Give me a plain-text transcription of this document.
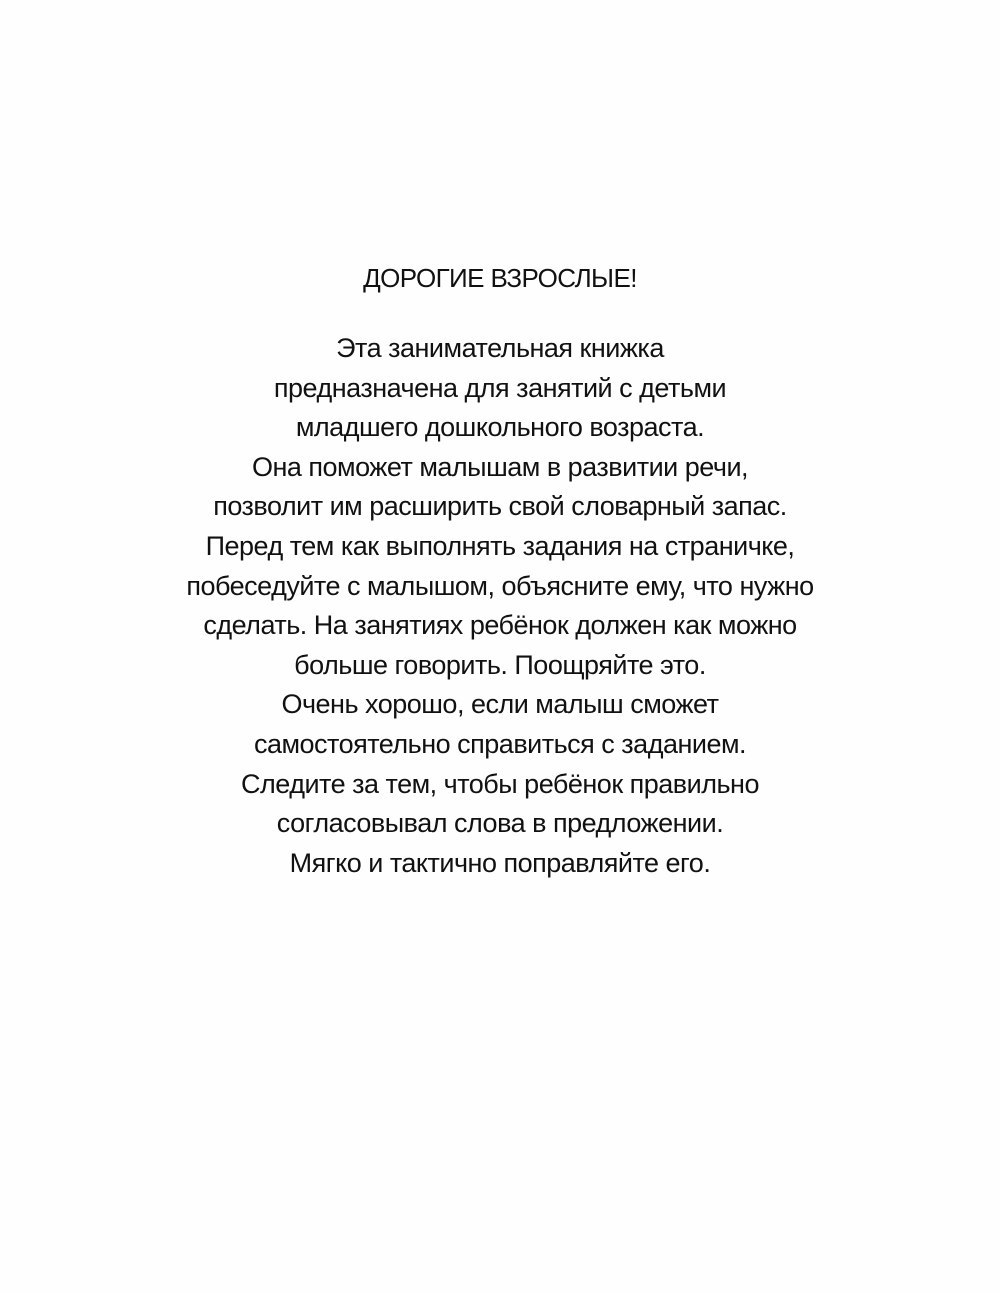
ДОРОГИЕ ВЗРОСЛЫЕ!
Эта занимательная книжка
предназначена для занятий с детьми
младшего дошкольного возраста.
Она поможет малышам в развитии речи,
позволит им расширить свой словарный запас.
Перед тем как выполнять задания на страничке,
побеседуйте с малышом, объясните ему, что нужно
сделать. На занятиях ребёнок должен как можно
больше говорить. Поощряйте это.
Очень хорошо, если малыш сможет
самостоятельно справиться с заданием.
Следите за тем, чтобы ребёнок правильно
согласовывал слова в предложении.
Мягко и тактично поправляйте его.
